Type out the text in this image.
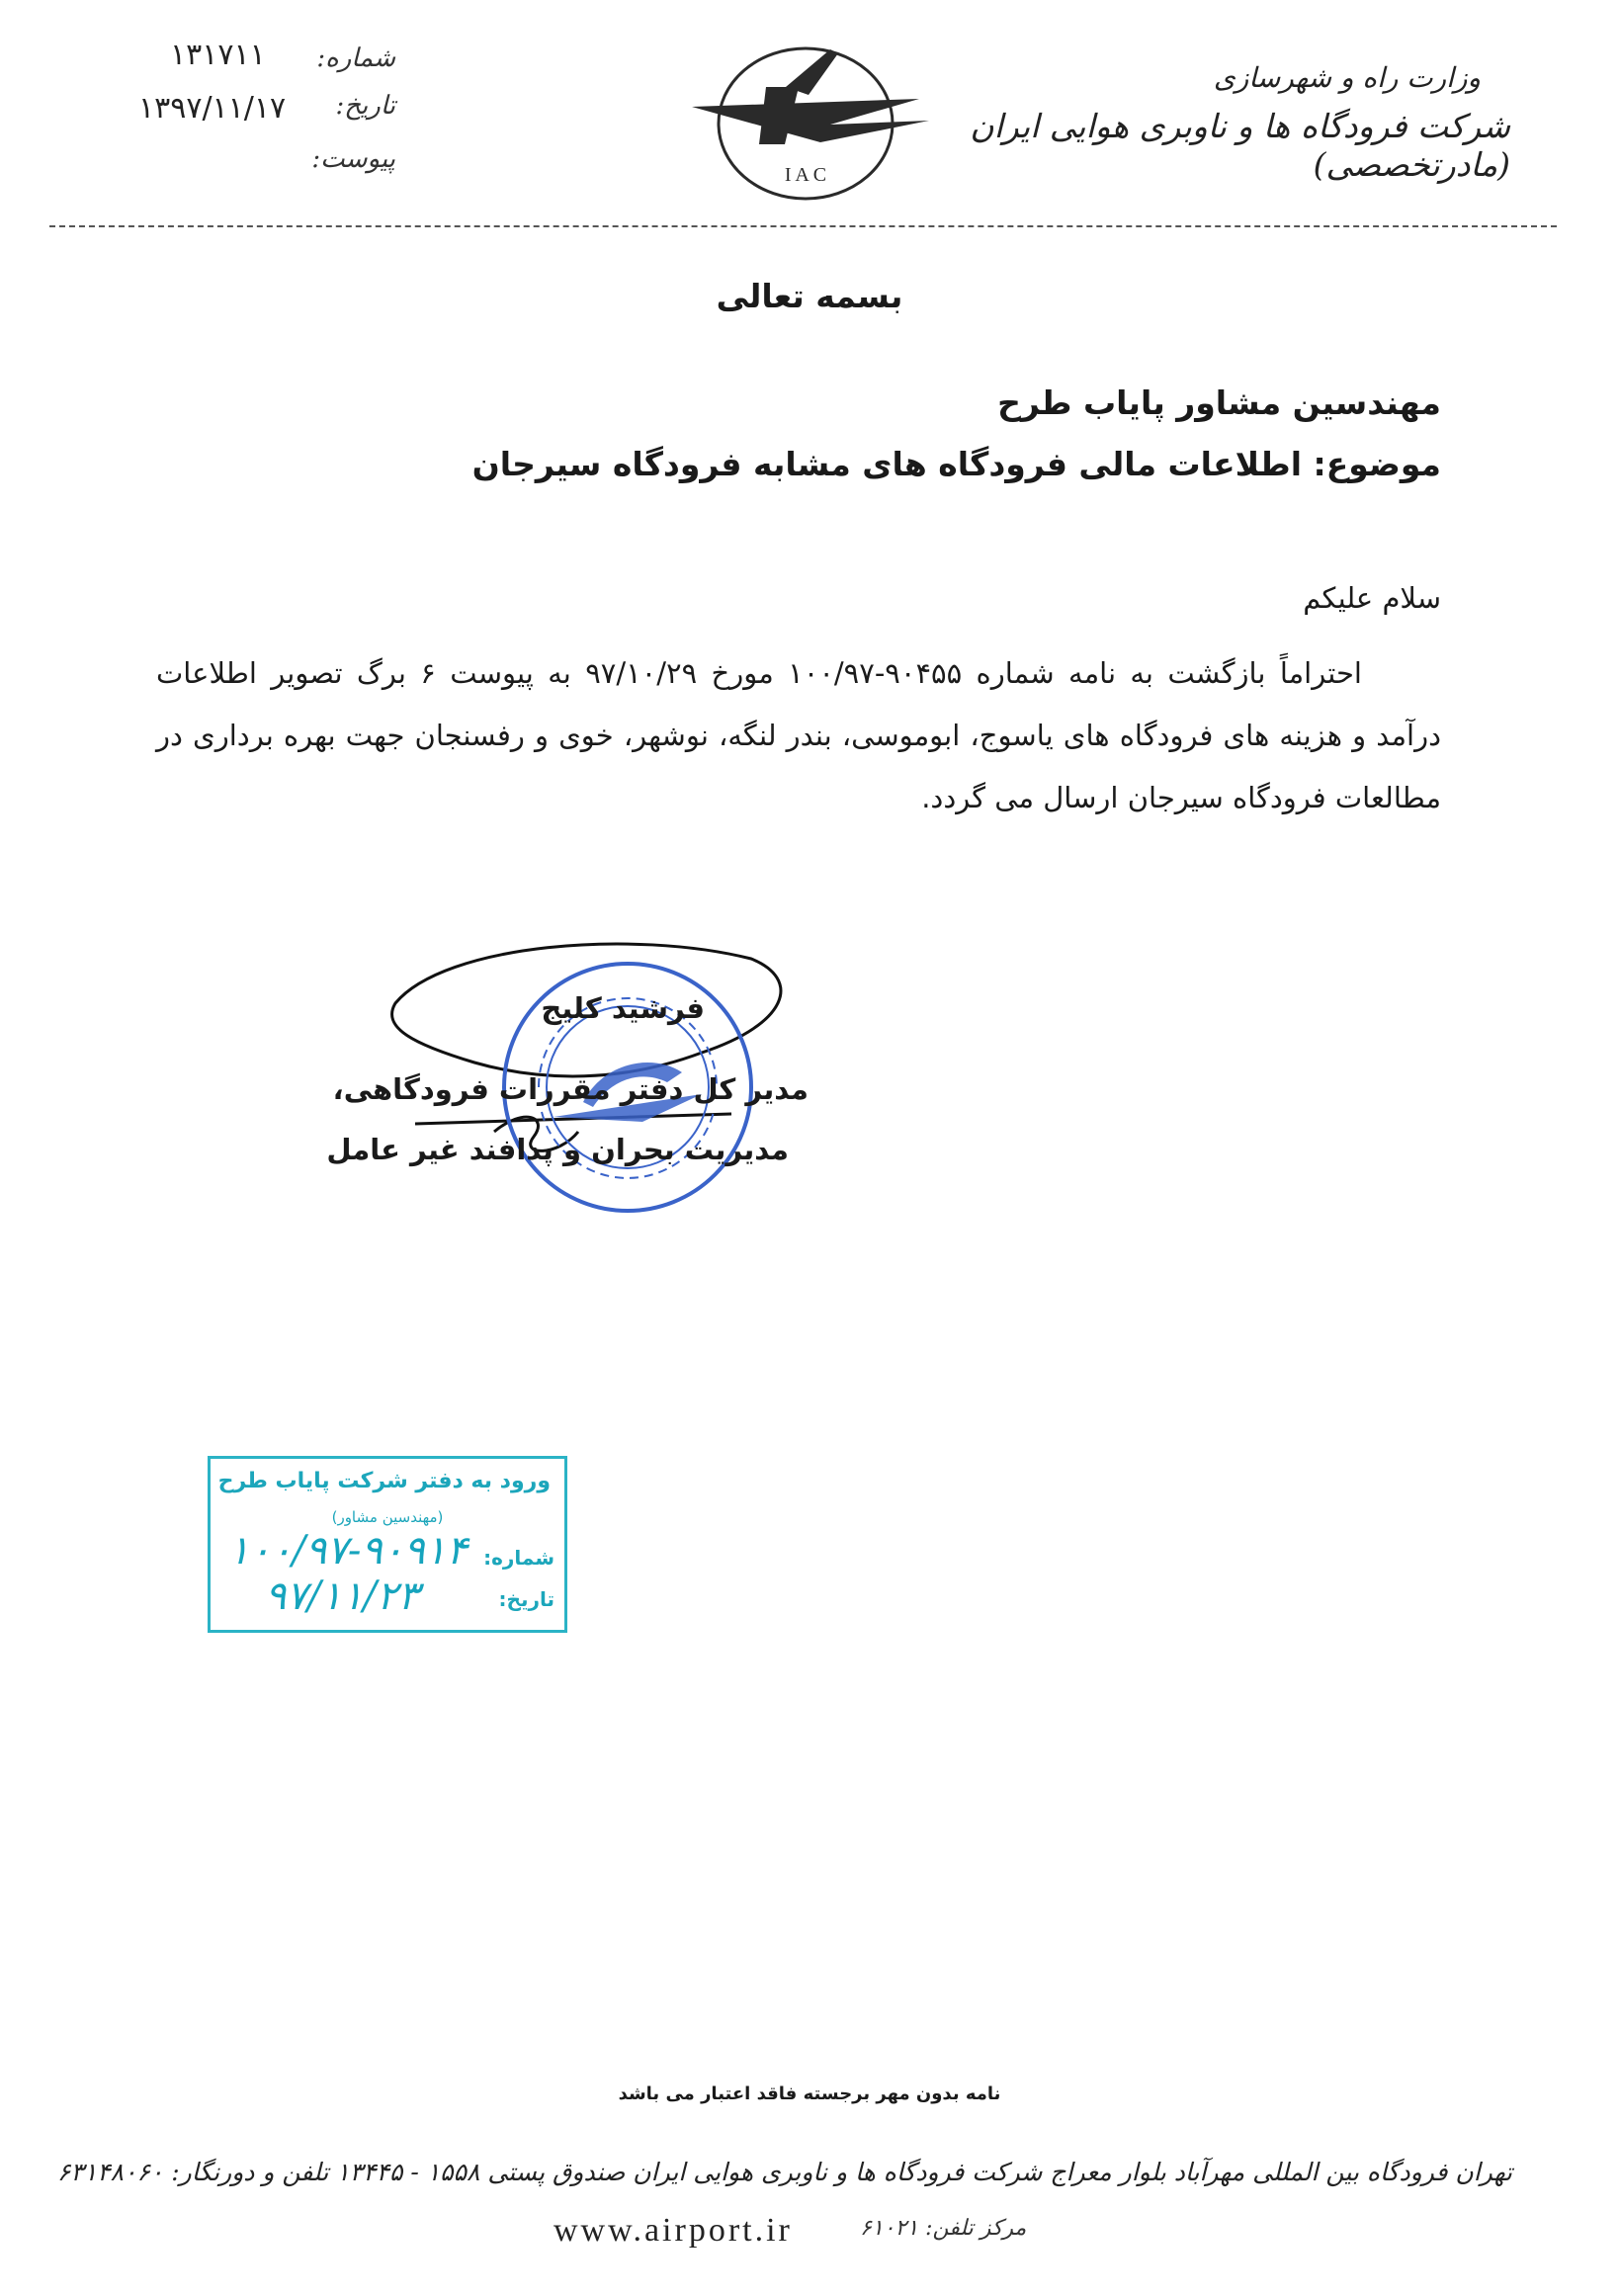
وزارت راه و شهرسازی
شرکت فرودگاه ها و ناوبری هوایی ایران (مادرتخصصی)
I A C
۱۳۱۷۱۱	شماره:
۱۳۹۷/۱۱/۱۷	تاریخ:
پیوست:
بسمه تعالی
مهندسین مشاور پایاب طرح
موضوع: اطلاعات مالی فرودگاه های مشابه فرودگاه سیرجان
سلام علیکم
احتراماً بازگشت به نامه شماره ۹۰۴۵۵-۱۰۰/۹۷ مورخ ۹۷/۱۰/۲۹ به پیوست ۶ برگ تصویر اطلاعات درآمد و هزینه های فرودگاه های یاسوج، ابوموسی، بندر لنگه، نوشهر، خوی و رفسنجان جهت بهره برداری در مطالعات فرودگاه سیرجان ارسال می گردد.
فرشید کلیج
مدیر کل دفتر مقررات فرودگاهی،
مدیریت بحران و پدافند غیر عامل
ورود به دفتر شرکت پایاب طرح
(مهندسین مشاور)
شماره:
۱۰۰/۹۷-۹۰۹۱۴
تاریخ:
۹۷/۱۱/۲۳
نامه بدون مهر برجسته فاقد اعتبار می باشد
تهران فرودگاه بین المللی مهرآباد بلوار معراج شرکت فرودگاه ها و ناوبری هوایی ایران صندوق پستی ۱۵۵۸ - ۱۳۴۴۵ تلفن و دورنگار: ۶۳۱۴۸۰۶۰
www.airport.ir	مرکز تلفن: ۶۱۰۲۱
